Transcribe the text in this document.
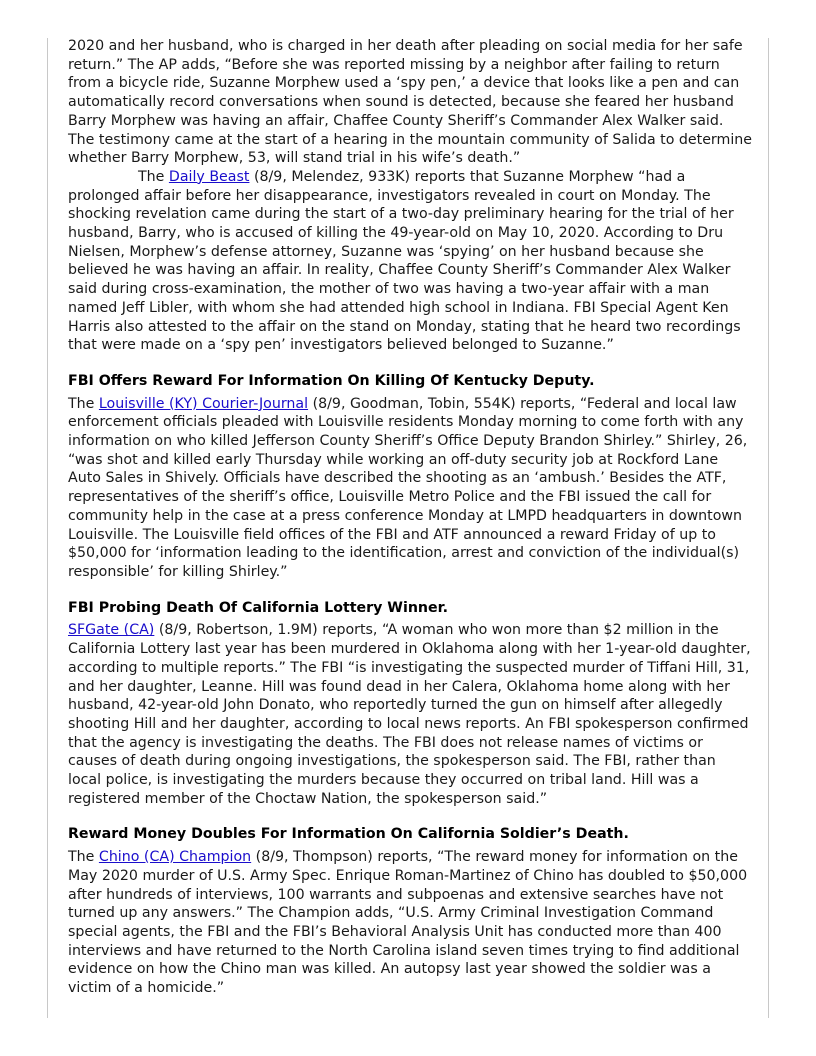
2020 and her husband, who is charged in her death after pleading on social media for her safe return.” The AP adds, “Before she was reported missing by a neighbor after failing to return from a bicycle ride, Suzanne Morphew used a ‘spy pen,’ a device that looks like a pen and can automatically record conversations when sound is detected, because she feared her husband Barry Morphew was having an affair, Chaffee County Sheriff’s Commander Alex Walker said. The testimony came at the start of a hearing in the mountain community of Salida to determine whether Barry Morphew, 53, will stand trial in his wife’s death.”

The Daily Beast (8/9, Melendez, 933K) reports that Suzanne Morphew “had a prolonged affair before her disappearance, investigators revealed in court on Monday. The shocking revelation came during the start of a two-day preliminary hearing for the trial of her husband, Barry, who is accused of killing the 49-year-old on May 10, 2020. According to Dru Nielsen, Morphew’s defense attorney, Suzanne was ‘spying’ on her husband because she believed he was having an affair. In reality, Chaffee County Sheriff’s Commander Alex Walker said during cross-examination, the mother of two was having a two-year affair with a man named Jeff Libler, with whom she had attended high school in Indiana. FBI Special Agent Ken Harris also attested to the affair on the stand on Monday, stating that he heard two recordings that were made on a ‘spy pen’ investigators believed belonged to Suzanne.”

FBI Offers Reward For Information On Killing Of Kentucky Deputy.

The Louisville (KY) Courier-Journal (8/9, Goodman, Tobin, 554K) reports, “Federal and local law enforcement officials pleaded with Louisville residents Monday morning to come forth with any information on who killed Jefferson County Sheriff’s Office Deputy Brandon Shirley.” Shirley, 26, “was shot and killed early Thursday while working an off-duty security job at Rockford Lane Auto Sales in Shively. Officials have described the shooting as an ‘ambush.’ Besides the ATF, representatives of the sheriff’s office, Louisville Metro Police and the FBI issued the call for community help in the case at a press conference Monday at LMPD headquarters in downtown Louisville. The Louisville field offices of the FBI and ATF announced a reward Friday of up to $50,000 for ‘information leading to the identification, arrest and conviction of the individual(s) responsible’ for killing Shirley.”

FBI Probing Death Of California Lottery Winner.

SFGate (CA) (8/9, Robertson, 1.9M) reports, “A woman who won more than $2 million in the California Lottery last year has been murdered in Oklahoma along with her 1-year-old daughter, according to multiple reports.” The FBI “is investigating the suspected murder of Tiffani Hill, 31, and her daughter, Leanne. Hill was found dead in her Calera, Oklahoma home along with her husband, 42-year-old John Donato, who reportedly turned the gun on himself after allegedly shooting Hill and her daughter, according to local news reports. An FBI spokesperson confirmed that the agency is investigating the deaths. The FBI does not release names of victims or causes of death during ongoing investigations, the spokesperson said. The FBI, rather than local police, is investigating the murders because they occurred on tribal land. Hill was a registered member of the Choctaw Nation, the spokesperson said.”

Reward Money Doubles For Information On California Soldier’s Death.

The Chino (CA) Champion (8/9, Thompson) reports, “The reward money for information on the May 2020 murder of U.S. Army Spec. Enrique Roman-Martinez of Chino has doubled to $50,000 after hundreds of interviews, 100 warrants and subpoenas and extensive searches have not turned up any answers.” The Champion adds, “U.S. Army Criminal Investigation Command special agents, the FBI and the FBI’s Behavioral Analysis Unit has conducted more than 400 interviews and have returned to the North Carolina island seven times trying to find additional evidence on how the Chino man was killed. An autopsy last year showed the soldier was a victim of a homicide.”
